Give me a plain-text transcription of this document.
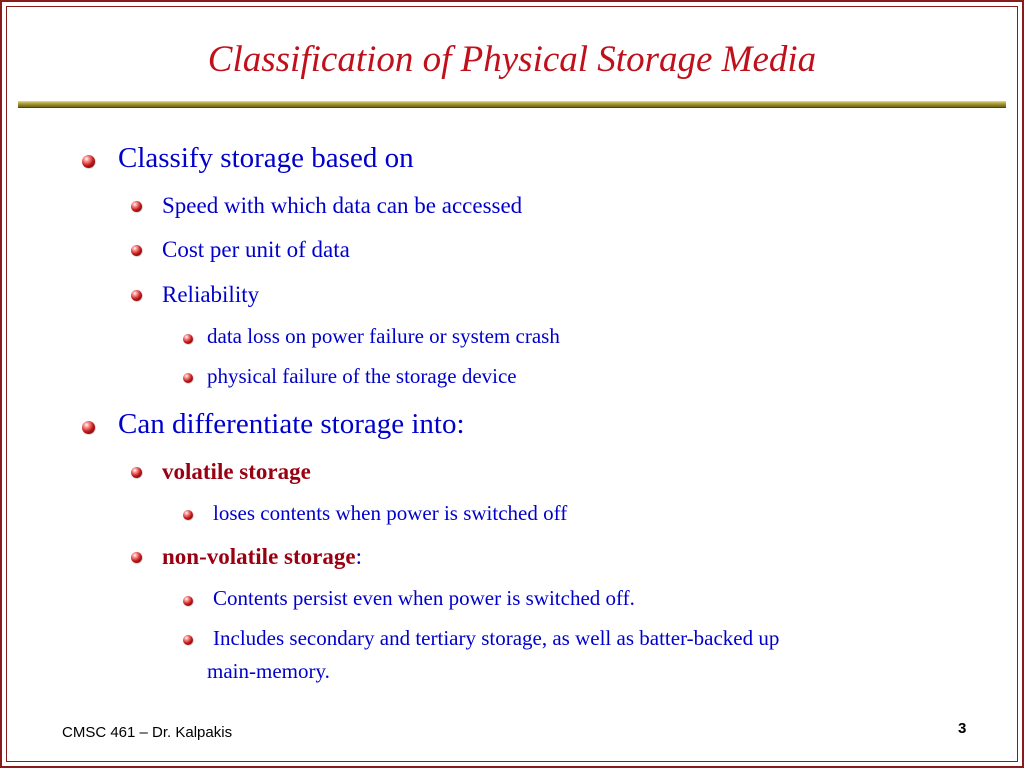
Classification of Physical Storage Media
Classify storage based on
Speed with which data can be accessed
Cost per unit of data
Reliability
data loss on power failure or system crash
physical failure of the storage device
Can differentiate storage into:
volatile storage
loses contents when power is switched off
non-volatile storage:
Contents persist even when power is switched off.
Includes secondary and tertiary storage, as well as batter-backed up
main-memory.
CMSC 461 – Dr. Kalpakis	3
